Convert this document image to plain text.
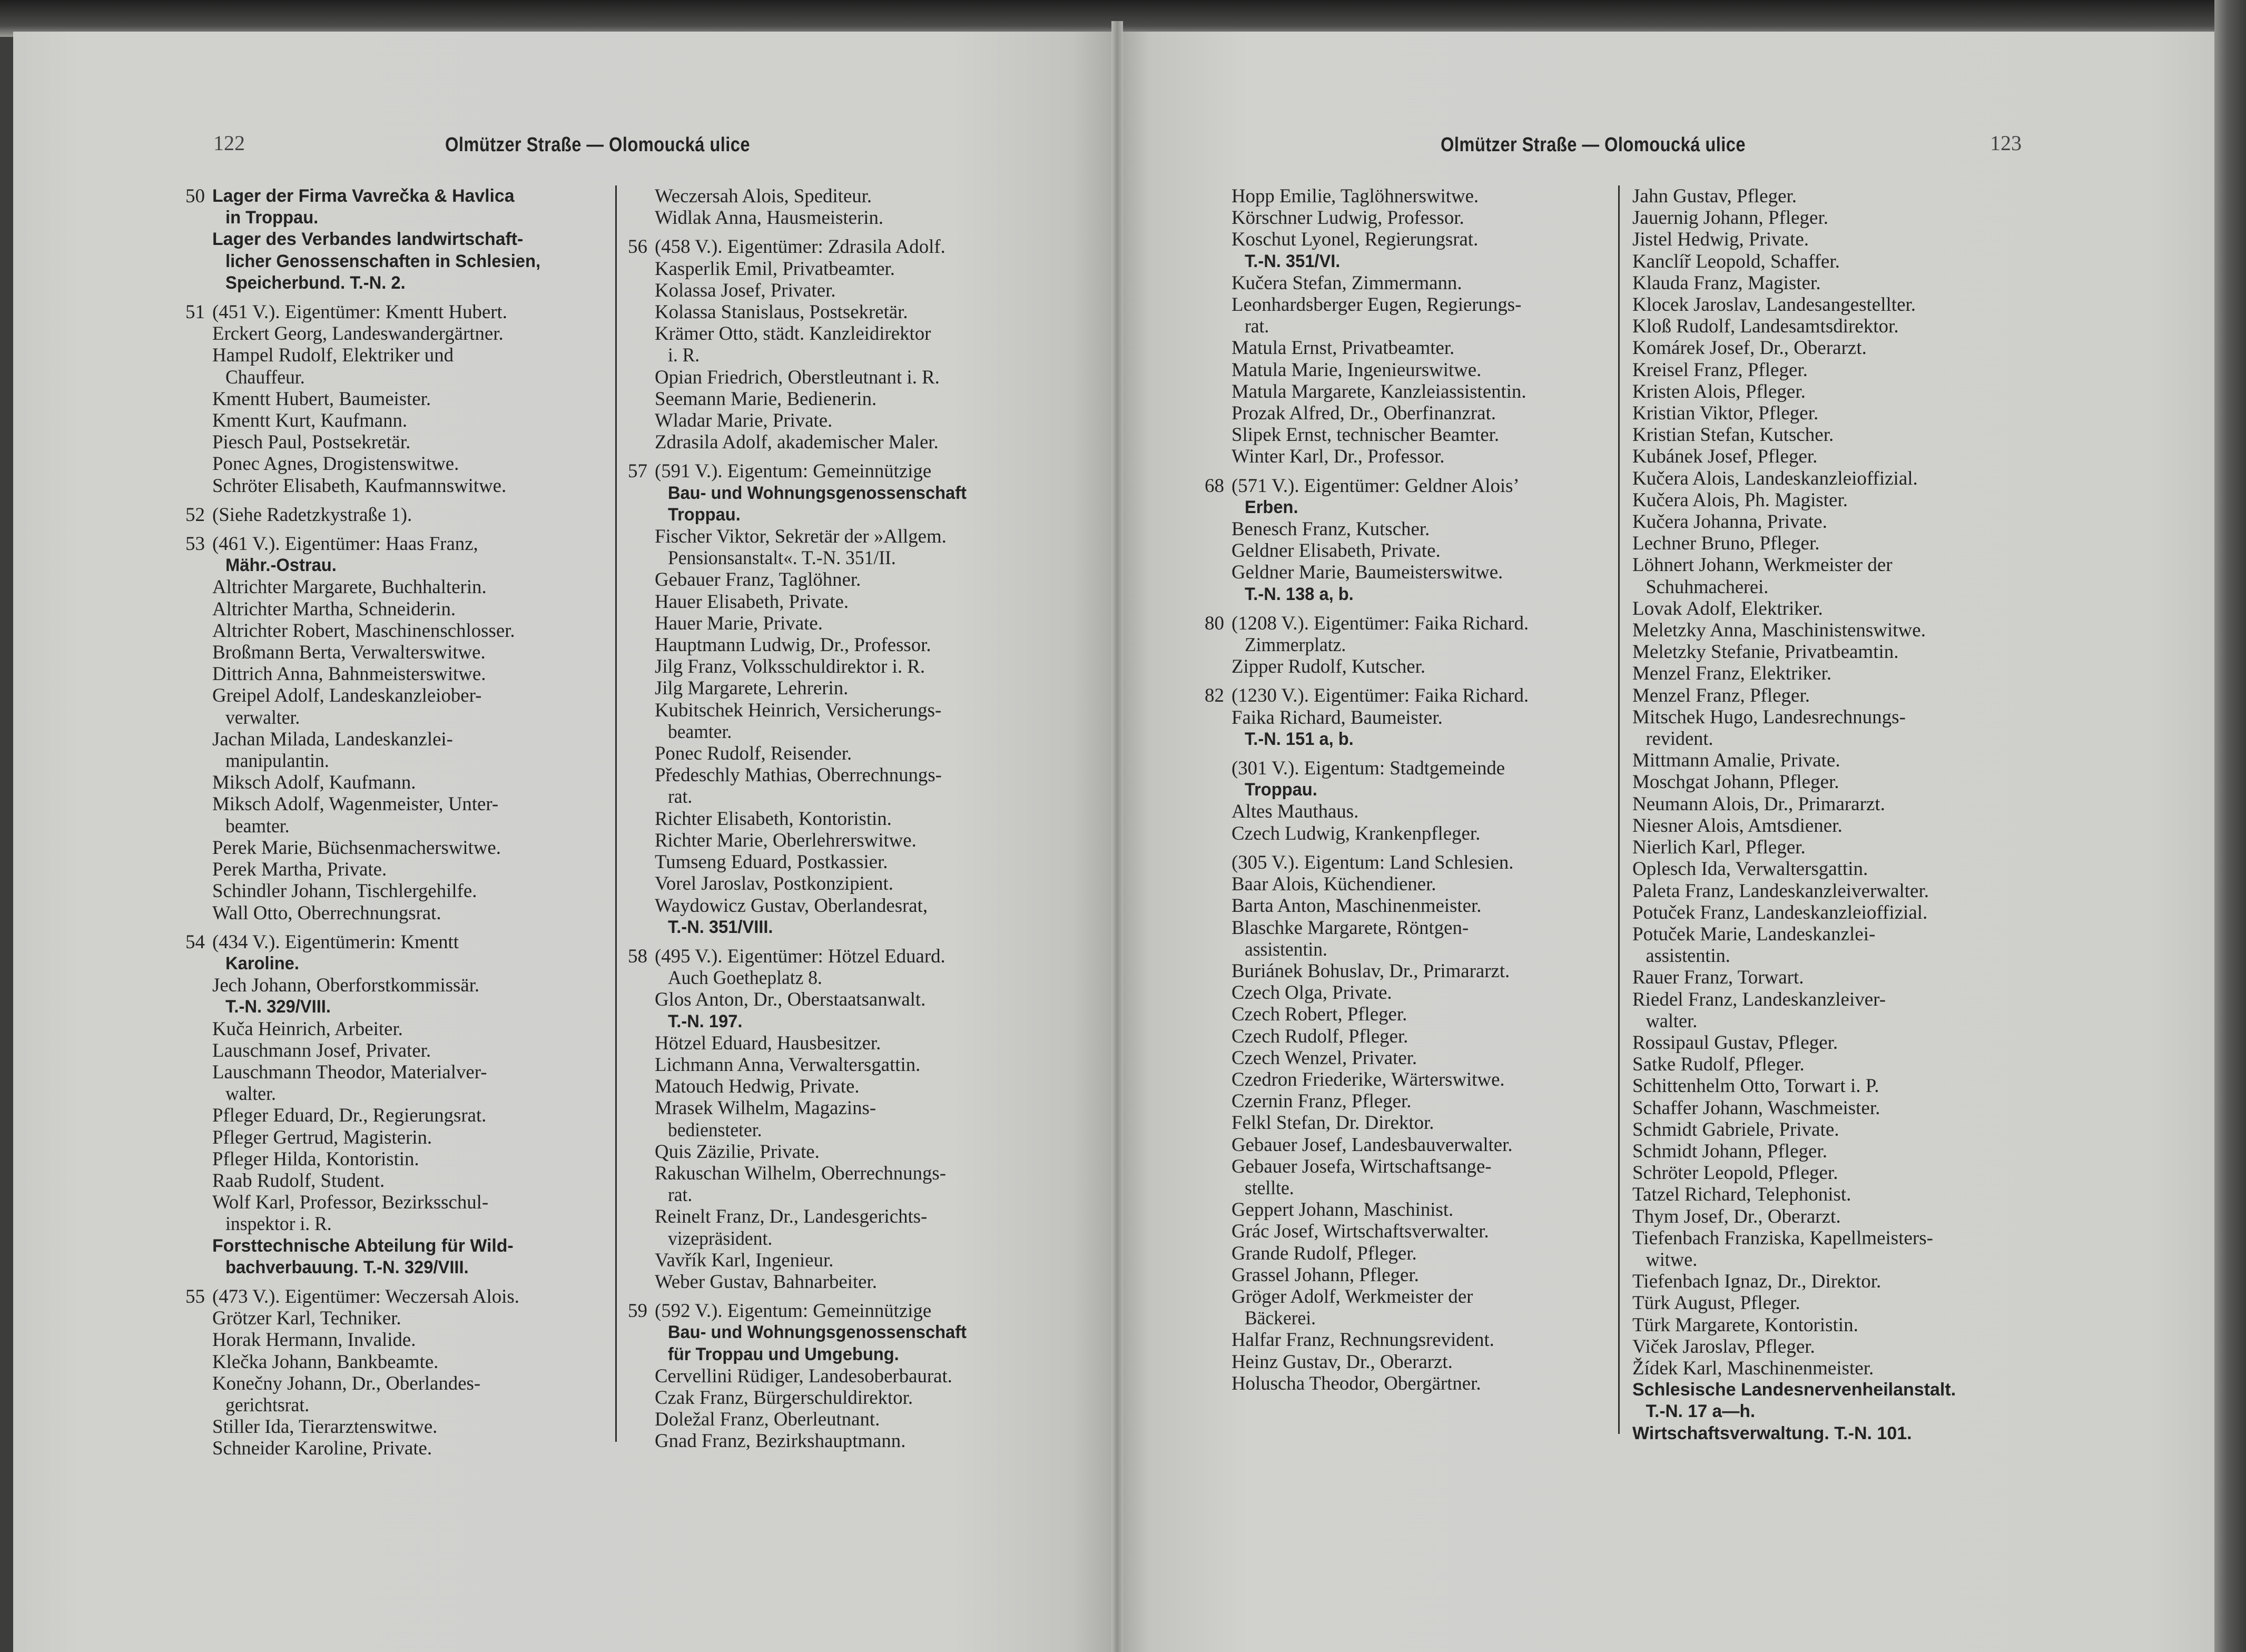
122	Olmützer Straße — Olomoucká ulice	Olmützer Straße — Olomoucká ulice	123
50 Lager der Firma Vavrečka & Havlica
in Troppau.
Lager des Verbandes landwirtschaft-
licher Genossenschaften in Schlesien,
Speicherbund. T.-N. 2.
51 (451 V.). Eigentümer: Kmentt Hubert.
Erckert Georg, Landeswandergärtner.
Hampel Rudolf, Elektriker und
Chauffeur.
Kmentt Hubert, Baumeister.
Kmentt Kurt, Kaufmann.
Piesch Paul, Postsekretär.
Ponec Agnes, Drogistenswitwe.
Schröter Elisabeth, Kaufmannswitwe.
52 (Siehe Radetzkystraße 1).
53 (461 V.). Eigentümer: Haas Franz,
Mähr.-Ostrau.
Altrichter Margarete, Buchhalterin.
Altrichter Martha, Schneiderin.
Altrichter Robert, Maschinenschlosser.
Broßmann Berta, Verwalterswitwe.
Dittrich Anna, Bahnmeisterswitwe.
Greipel Adolf, Landeskanzleiober-
verwalter.
Jachan Milada, Landeskanzlei-
manipulantin.
Miksch Adolf, Kaufmann.
Miksch Adolf, Wagenmeister, Unter-
beamter.
Perek Marie, Büchsenmacherswitwe.
Perek Martha, Private.
Schindler Johann, Tischlergehilfe.
Wall Otto, Oberrechnungsrat.
54 (434 V.). Eigentümerin: Kmentt
Karoline.
Jech Johann, Oberforstkommissär.
T.-N. 329/VIII.
Kuča Heinrich, Arbeiter.
Lauschmann Josef, Privater.
Lauschmann Theodor, Materialver-
walter.
Pfleger Eduard, Dr., Regierungsrat.
Pfleger Gertrud, Magisterin.
Pfleger Hilda, Kontoristin.
Raab Rudolf, Student.
Wolf Karl, Professor, Bezirksschul-
inspektor i. R.
Forsttechnische Abteilung für Wild-
bachverbauung. T.-N. 329/VIII.
55 (473 V.). Eigentümer: Weczersah Alois.
Grötzer Karl, Techniker.
Horak Hermann, Invalide.
Klečka Johann, Bankbeamte.
Konečny Johann, Dr., Oberlandes-
gerichtsrat.
Stiller Ida, Tierarztenswitwe.
Schneider Karoline, Private.
Weczersah Alois, Spediteur.
Widlak Anna, Hausmeisterin.
56 (458 V.). Eigentümer: Zdrasila Adolf.
Kasperlik Emil, Privatbeamter.
Kolassa Josef, Privater.
Kolassa Stanislaus, Postsekretär.
Krämer Otto, städt. Kanzleidirektor
i. R.
Opian Friedrich, Oberstleutnant i. R.
Seemann Marie, Bedienerin.
Wladar Marie, Private.
Zdrasila Adolf, akademischer Maler.
57 (591 V.). Eigentum: Gemeinnützige
Bau- und Wohnungsgenossenschaft
Troppau.
Fischer Viktor, Sekretär der »Allgem.
Pensionsanstalt«. T.-N. 351/II.
Gebauer Franz, Taglöhner.
Hauer Elisabeth, Private.
Hauer Marie, Private.
Hauptmann Ludwig, Dr., Professor.
Jilg Franz, Volksschuldirektor i. R.
Jilg Margarete, Lehrerin.
Kubitschek Heinrich, Versicherungs-
beamter.
Ponec Rudolf, Reisender.
Předeschly Mathias, Oberrechnungs-
rat.
Richter Elisabeth, Kontoristin.
Richter Marie, Oberlehrerswitwe.
Tumseng Eduard, Postkassier.
Vorel Jaroslav, Postkonzipient.
Waydowicz Gustav, Oberlandesrat,
T.-N. 351/VIII.
58 (495 V.). Eigentümer: Hötzel Eduard.
Auch Goetheplatz 8.
Glos Anton, Dr., Oberstaatsanwalt.
T.-N. 197.
Hötzel Eduard, Hausbesitzer.
Lichmann Anna, Verwaltersgattin.
Matouch Hedwig, Private.
Mrasek Wilhelm, Magazins-
bediensteter.
Quis Zäzilie, Private.
Rakuschan Wilhelm, Oberrechnungs-
rat.
Reinelt Franz, Dr., Landesgerichts-
vizepräsident.
Vavřík Karl, Ingenieur.
Weber Gustav, Bahnarbeiter.
59 (592 V.). Eigentum: Gemeinnützige
Bau- und Wohnungsgenossenschaft
für Troppau und Umgebung.
Cervellini Rüdiger, Landesoberbaurat.
Czak Franz, Bürgerschuldirektor.
Doležal Franz, Oberleutnant.
Gnad Franz, Bezirkshauptmann.
Hopp Emilie, Taglöhnerswitwe.
Körschner Ludwig, Professor.
Koschut Lyonel, Regierungsrat.
T.-N. 351/VI.
Kučera Stefan, Zimmermann.
Leonhardsberger Eugen, Regierungs-
rat.
Matula Ernst, Privatbeamter.
Matula Marie, Ingenieurswitwe.
Matula Margarete, Kanzleiassistentin.
Prozak Alfred, Dr., Oberfinanzrat.
Slipek Ernst, technischer Beamter.
Winter Karl, Dr., Professor.
68 (571 V.). Eigentümer: Geldner Alois’
Erben.
Benesch Franz, Kutscher.
Geldner Elisabeth, Private.
Geldner Marie, Baumeisterswitwe.
T.-N. 138 a, b.
80 (1208 V.). Eigentümer: Faika Richard.
Zimmerplatz.
Zipper Rudolf, Kutscher.
82 (1230 V.). Eigentümer: Faika Richard.
Faika Richard, Baumeister.
T.-N. 151 a, b.
(301 V.). Eigentum: Stadtgemeinde
Troppau.
Altes Mauthaus.
Czech Ludwig, Krankenpfleger.
(305 V.). Eigentum: Land Schlesien.
Baar Alois, Küchendiener.
Barta Anton, Maschinenmeister.
Blaschke Margarete, Röntgen-
assistentin.
Buriánek Bohuslav, Dr., Primararzt.
Czech Olga, Private.
Czech Robert, Pfleger.
Czech Rudolf, Pfleger.
Czech Wenzel, Privater.
Czedron Friederike, Wärterswitwe.
Czernin Franz, Pfleger.
Felkl Stefan, Dr. Direktor.
Gebauer Josef, Landesbauverwalter.
Gebauer Josefa, Wirtschaftsange-
stellte.
Geppert Johann, Maschinist.
Grác Josef, Wirtschaftsverwalter.
Grande Rudolf, Pfleger.
Grassel Johann, Pfleger.
Gröger Adolf, Werkmeister der
Bäckerei.
Halfar Franz, Rechnungsrevident.
Heinz Gustav, Dr., Oberarzt.
Holuscha Theodor, Obergärtner.
Jahn Gustav, Pfleger.
Jauernig Johann, Pfleger.
Jistel Hedwig, Private.
Kanclíř Leopold, Schaffer.
Klauda Franz, Magister.
Klocek Jaroslav, Landesangestellter.
Kloß Rudolf, Landesamtsdirektor.
Komárek Josef, Dr., Oberarzt.
Kreisel Franz, Pfleger.
Kristen Alois, Pfleger.
Kristian Viktor, Pfleger.
Kristian Stefan, Kutscher.
Kubánek Josef, Pfleger.
Kučera Alois, Landeskanzleioffizial.
Kučera Alois, Ph. Magister.
Kučera Johanna, Private.
Lechner Bruno, Pfleger.
Löhnert Johann, Werkmeister der
Schuhmacherei.
Lovak Adolf, Elektriker.
Meletzky Anna, Maschinistenswitwe.
Meletzky Stefanie, Privatbeamtin.
Menzel Franz, Elektriker.
Menzel Franz, Pfleger.
Mitschek Hugo, Landesrechnungs-
revident.
Mittmann Amalie, Private.
Moschgat Johann, Pfleger.
Neumann Alois, Dr., Primararzt.
Niesner Alois, Amtsdiener.
Nierlich Karl, Pfleger.
Oplesch Ida, Verwaltersgattin.
Paleta Franz, Landeskanzleiverwalter.
Potuček Franz, Landeskanzleioffizial.
Potuček Marie, Landeskanzlei-
assistentin.
Rauer Franz, Torwart.
Riedel Franz, Landeskanzleiver-
walter.
Rossipaul Gustav, Pfleger.
Satke Rudolf, Pfleger.
Schittenhelm Otto, Torwart i. P.
Schaffer Johann, Waschmeister.
Schmidt Gabriele, Private.
Schmidt Johann, Pfleger.
Schröter Leopold, Pfleger.
Tatzel Richard, Telephonist.
Thym Josef, Dr., Oberarzt.
Tiefenbach Franziska, Kapellmeisters-
witwe.
Tiefenbach Ignaz, Dr., Direktor.
Türk August, Pfleger.
Türk Margarete, Kontoristin.
Viček Jaroslav, Pfleger.
Žídek Karl, Maschinenmeister.
Schlesische Landesnervenheilanstalt.
T.-N. 17 a—h.
Wirtschaftsverwaltung. T.-N. 101.
